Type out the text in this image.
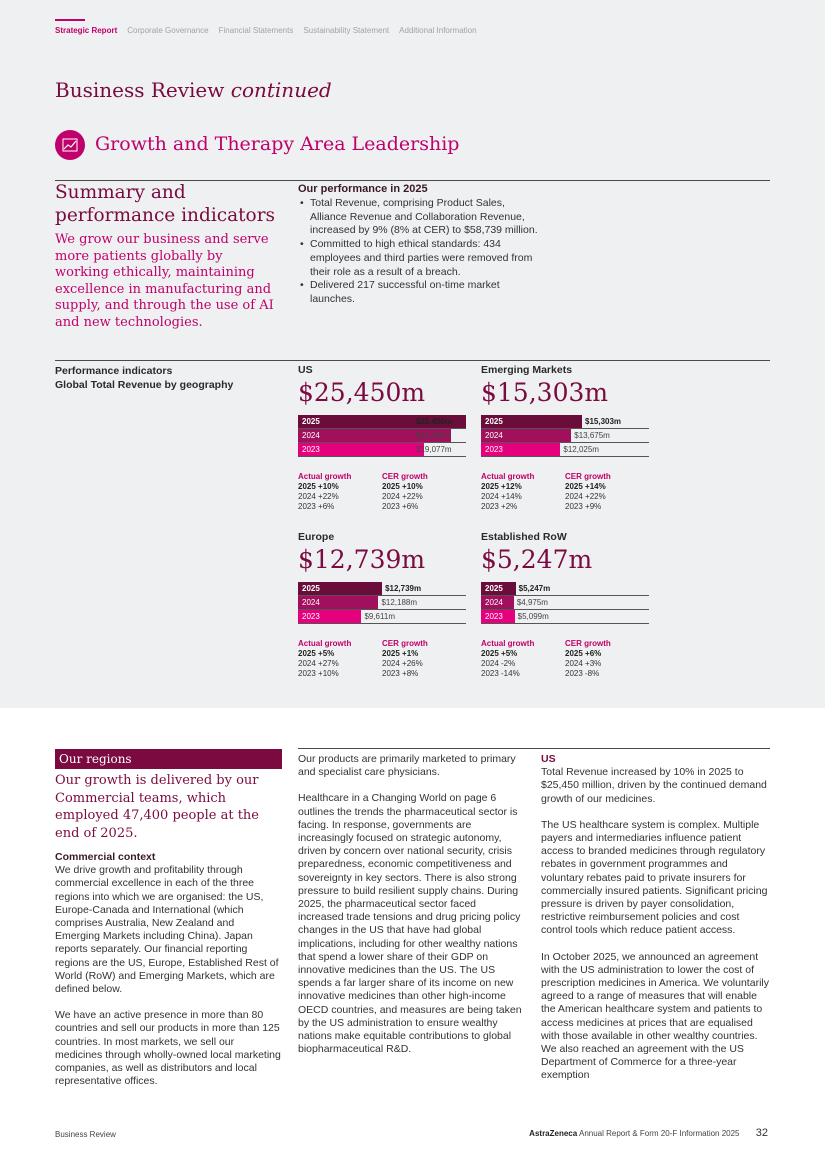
Strategic Report Corporate Governance Financial Statements Sustainability Statement Additional Information
Business Review continued
Growth and Therapy Area Leadership
Summary and performance indicators
We grow our business and serve more patients globally by working ethically, maintaining excellence in manufacturing and supply, and through the use of AI and new technologies.
Our performance in 2025
• Total Revenue, comprising Product Sales, Alliance Revenue and Collaboration Revenue, increased by 9% (8% at CER) to $58,739 million.
• Committed to high ethical standards: 434 employees and third parties were removed from their role as a result of a breach.
• Delivered 217 successful on-time market launches.
Performance indicators
Global Total Revenue by geography
US
$25,450m
2025	$25,450m
2024	$23,235m
2023	$19,077m
Actual growth
2025 +10%
2024 +22%
2023 +6%
CER growth
2025 +10%
2024 +22%
2023 +6%
Emerging Markets
$15,303m
2025	$15,303m
2024	$13,675m
2023	$12,025m
Actual growth
2025 +12%
2024 +14%
2023 +2%
CER growth
2025 +14%
2024 +22%
2023 +9%
Europe
$12,739m
2025	$12,739m
2024	$12,188m
2023	$9,611m
Actual growth
2025 +5%
2024 +27%
2023 +10%
CER growth
2025 +1%
2024 +26%
2023 +8%
Established RoW
$5,247m
2025 $5,247m
2024 $4,975m
2023 $5,099m
Actual growth
2025 +5%
2024 -2%
2023 -14%
CER growth
2025 +6%
2024 +3%
2023 -8%
Our regions
Our growth is delivered by our Commercial teams, which employed 47,400 people at the end of 2025.
Commercial context

We drive growth and profitability through commercial excellence in each of the three regions into which we are organised: the US, Europe-Canada and International (which comprises Australia, New Zealand and Emerging Markets including China). Japan reports separately. Our financial reporting regions are the US, Europe, Established Rest of World (RoW) and Emerging Markets, which are defined below.

We have an active presence in more than 80 countries and sell our products in more than 125 countries. In most markets, we sell our medicines through wholly-owned local marketing companies, as well as distributors and local representative offices.

Our products are primarily marketed to primary and specialist care physicians.

Healthcare in a Changing World on page 6 outlines the trends the pharmaceutical sector is facing. In response, governments are increasingly focused on strategic autonomy, driven by concern over national security, crisis preparedness, economic competitiveness and sovereignty in key sectors. There is also strong pressure to build resilient supply chains. During 2025, the pharmaceutical sector faced increased trade tensions and drug pricing policy changes in the US that have had global implications, including for other wealthy nations that spend a lower share of their GDP on innovative medicines than the US. The US spends a far larger share of its income on new innovative medicines than other high-income OECD countries, and measures are being taken by the US administration to ensure wealthy nations make equitable contributions to global biopharmaceutical R&D.

US

Total Revenue increased by 10% in 2025 to $25,450 million, driven by the continued demand growth of our medicines.

The US healthcare system is complex. Multiple payers and intermediaries influence patient access to branded medicines through regulatory rebates in government programmes and voluntary rebates paid to private insurers for commercially insured patients. Significant pricing pressure is driven by payer consolidation, restrictive reimbursement policies and cost control tools which reduce patient access.

In October 2025, we announced an agreement with the US administration to lower the cost of prescription medicines in America. We voluntarily agreed to a range of measures that will enable the American healthcare system and patients to access medicines at prices that are equalised with those available in other wealthy countries. We also reached an agreement with the US Department of Commerce for a three-year exemption

Business Review	AstraZeneca Annual Report & Form 20-F Information 2025 32
